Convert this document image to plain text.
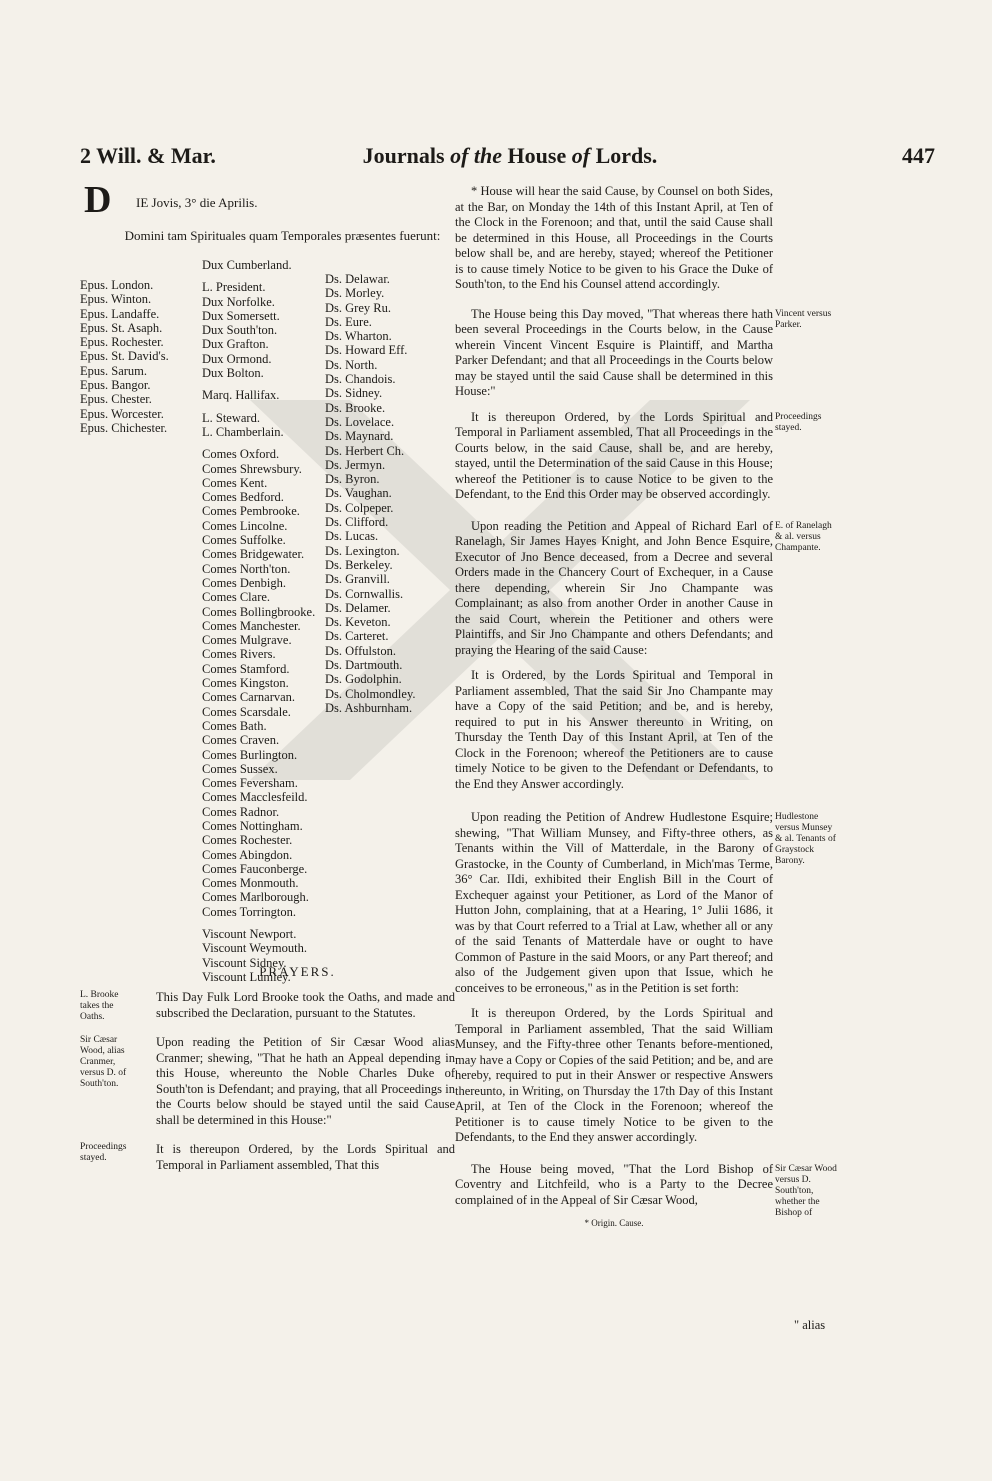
2 Will. & Mar.	Journals of the House of Lords.	447
D IE Jovis, 3° die Aprilis.
Domini tam Spirituales quam Temporales præsentes fuerunt:
Epus. London.
Epus. Winton.
Epus. Landaffe.
Epus. St. Asaph.
Epus. Rochester.
Epus. St. David's.
Epus. Sarum.
Epus. Bangor.
Epus. Chester.
Epus. Worcester.
Epus. Chichester.
Dux Cumberland.
L. President.
Dux Norfolke.
Dux Somersett.
Dux South'ton.
Dux Grafton.
Dux Ormond.
Dux Bolton.
Marq. Hallifax.
L. Steward.
L. Chamberlain.
Comes Oxford.
Comes Shrewsbury.
Comes Kent.
Comes Bedford.
Comes Pembrooke.
Comes Lincolne.
Comes Suffolke.
Comes Bridgewater.
Comes North'ton.
Comes Denbigh.
Comes Clare.
Comes Bollingbrooke.
Comes Manchester.
Comes Mulgrave.
Comes Rivers.
Comes Stamford.
Comes Kingston.
Comes Carnarvan.
Comes Scarsdale.
Comes Bath.
Comes Craven.
Comes Burlington.
Comes Sussex.
Comes Feversham.
Comes Macclesfeild.
Comes Radnor.
Comes Nottingham.
Comes Rochester.
Comes Abingdon.
Comes Fauconberge.
Comes Monmouth.
Comes Marlborough.
Comes Torrington.
Viscount Newport.
Viscount Weymouth.
Viscount Sidney.
Viscount Lumley.
Ds. Delawar.
Ds. Morley.
Ds. Grey Ru.
Ds. Eure.
Ds. Wharton.
Ds. Howard Eff.
Ds. North.
Ds. Chandois.
Ds. Sidney.
Ds. Brooke.
Ds. Lovelace.
Ds. Maynard.
Ds. Herbert Ch.
Ds. Jermyn.
Ds. Byron.
Ds. Vaughan.
Ds. Colpeper.
Ds. Clifford.
Ds. Lucas.
Ds. Lexington.
Ds. Berkeley.
Ds. Granvill.
Ds. Cornwallis.
Ds. Delamer.
Ds. Keveton.
Ds. Carteret.
Ds. Offulston.
Ds. Dartmouth.
Ds. Godolphin.
Ds. Cholmondley.
Ds. Ashburnham.
PRAYERS.
L. Brooke takes the Oaths.
This Day Fulk Lord Brooke took the Oaths, and made and subscribed the Declaration, pursuant to the Statutes.
Sir Cæsar Wood, alias Cranmer, versus D. of South'ton.
Upon reading the Petition of Sir Cæsar Wood alias Cranmer; shewing, "That he hath an Appeal depending in this House, whereunto the Noble Charles Duke of South'ton is Defendant; and praying, that all Proceedings in the Courts below should be stayed until the said Cause shall be determined in this House:"
Proceedings stayed.
It is thereupon Ordered, by the Lords Spiritual and Temporal in Parliament assembled, That this
* House will hear the said Cause, by Counsel on both Sides, at the Bar, on Monday the 14th of this Instant April, at Ten of the Clock in the Forenoon; and that, until the said Cause shall be determined in this House, all Proceedings in the Courts below shall be, and are hereby, stayed; whereof the Petitioner is to cause timely Notice to be given to his Grace the Duke of South'ton, to the End his Counsel attend accordingly.
The House being this Day moved, "That whereas there hath been several Proceedings in the Courts below, in the Cause wherein Vincent Vincent Esquire is Plaintiff, and Martha Parker Defendant; and that all Proceedings in the Courts below may be stayed until the said Cause shall be determined in this House:"
Vincent versus Parker.
It is thereupon Ordered, by the Lords Spiritual and Temporal in Parliament assembled, That all Proceedings in the Courts below, in the said Cause, shall be, and are hereby, stayed, until the Determination of the said Cause in this House; whereof the Petitioner is to cause Notice to be given to the Defendant, to the End this Order may be observed accordingly.
Proceedings stayed.
Upon reading the Petition and Appeal of Richard Earl of Ranelagh, Sir James Hayes Knight, and John Bence Esquire, Executor of Jno Bence deceased, from a Decree and several Orders made in the Chancery Court of Exchequer, in a Cause there depending, wherein Sir Jno Champante was Complainant; as also from another Order in another Cause in the said Court, wherein the Petitioner and others were Plaintiffs, and Sir Jno Champante and others Defendants; and praying the Hearing of the said Cause:
E. of Ranelagh & al. versus Champante.
It is Ordered, by the Lords Spiritual and Temporal in Parliament assembled, That the said Sir Jno Champante may have a Copy of the said Petition; and be, and is hereby, required to put in his Answer thereunto in Writing, on Thursday the Tenth Day of this Instant April, at Ten of the Clock in the Forenoon; whereof the Petitioners are to cause timely Notice to be given to the Defendant or Defendants, to the End they Answer accordingly.
Upon reading the Petition of Andrew Hudlestone Esquire; shewing, "That William Munsey, and Fifty-three others, as Tenants within the Vill of Matterdale, in the Barony of Grastocke, in the County of Cumberland, in Mich'mas Terme, 36° Car. IIdi, exhibited their English Bill in the Court of Exchequer against your Petitioner, as Lord of the Manor of Hutton John, complaining, that at a Hearing, 1° Julii 1686, it was by that Court referred to a Trial at Law, whether all or any of the said Tenants of Matterdale have or ought to have Common of Pasture in the said Moors, or any Part thereof; and also of the Judgement given upon that Issue, which he conceives to be erroneous," as in the Petition is set forth:
Hudlestone versus Munsey & al. Tenants of Graystock Barony.
It is thereupon Ordered, by the Lords Spiritual and Temporal in Parliament assembled, That the said William Munsey, and the Fifty-three other Tenants before-mentioned, may have a Copy or Copies of the said Petition; and be, and are hereby, required to put in their Answer or respective Answers thereunto, in Writing, on Thursday the 17th Day of this Instant April, at Ten of the Clock in the Forenoon; whereof the Petitioner is to cause timely Notice to be given to the Defendants, to the End they answer accordingly.
The House being moved, "That the Lord Bishop of Coventry and Litchfeild, who is a Party to the Decree complained of in the Appeal of Sir Cæsar Wood,
Sir Cæsar Wood versus D. South'ton, whether the Bishop of
* Origin. Cause.
" alias
